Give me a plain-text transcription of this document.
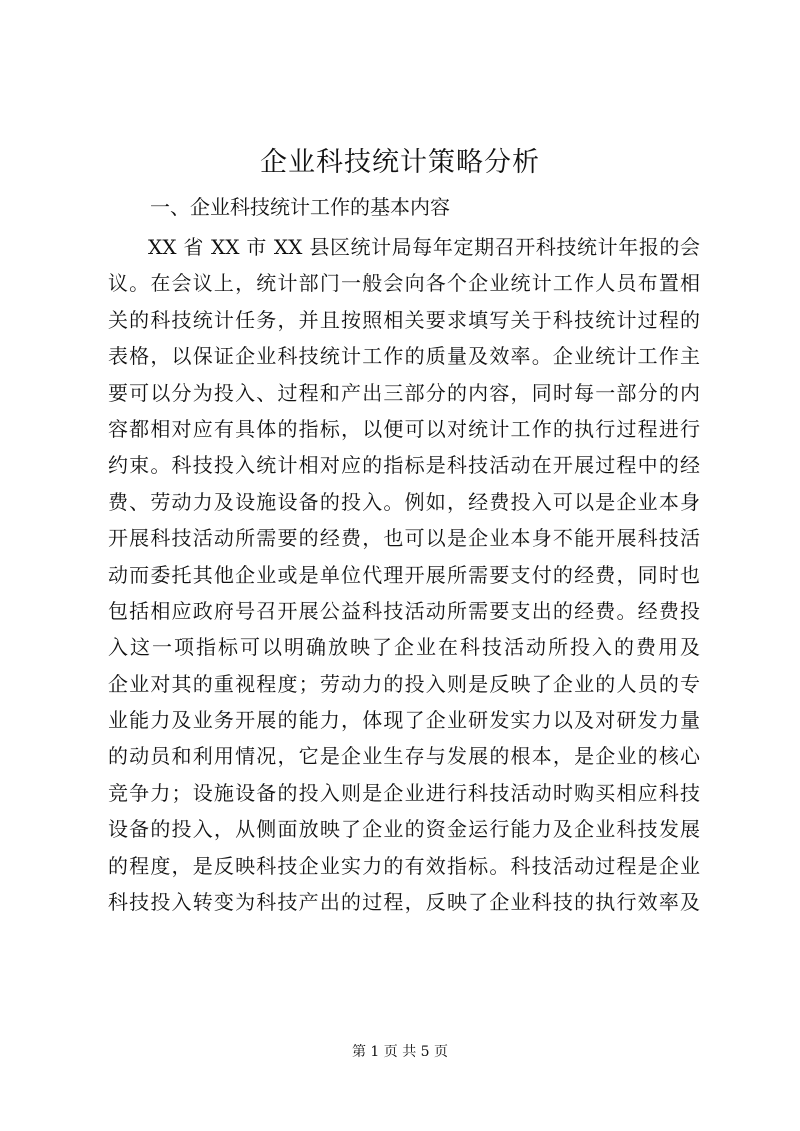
企业科技统计策略分析

一、企业科技统计工作的基本内容

XX 省 XX 市 XX 县区统计局每年定期召开科技统计年报的会
议。在会议上，统计部门一般会向各个企业统计工作人员布置相
关的科技统计任务，并且按照相关要求填写关于科技统计过程的
表格，以保证企业科技统计工作的质量及效率。企业统计工作主
要可以分为投入、过程和产出三部分的内容，同时每一部分的内
容都相对应有具体的指标，以便可以对统计工作的执行过程进行
约束。科技投入统计相对应的指标是科技活动在开展过程中的经
费、劳动力及设施设备的投入。例如，经费投入可以是企业本身
开展科技活动所需要的经费，也可以是企业本身不能开展科技活
动而委托其他企业或是单位代理开展所需要支付的经费，同时也
包括相应政府号召开展公益科技活动所需要支出的经费。经费投
入这一项指标可以明确放映了企业在科技活动所投入的费用及
企业对其的重视程度；劳动力的投入则是反映了企业的人员的专
业能力及业务开展的能力，体现了企业研发实力以及对研发力量
的动员和利用情况，它是企业生存与发展的根本，是企业的核心
竞争力；设施设备的投入则是企业进行科技活动时购买相应科技
设备的投入，从侧面放映了企业的资金运行能力及企业科技发展
的程度，是反映科技企业实力的有效指标。科技活动过程是企业
科技投入转变为科技产出的过程，反映了企业科技的执行效率及
第 1 页 共 5 页
